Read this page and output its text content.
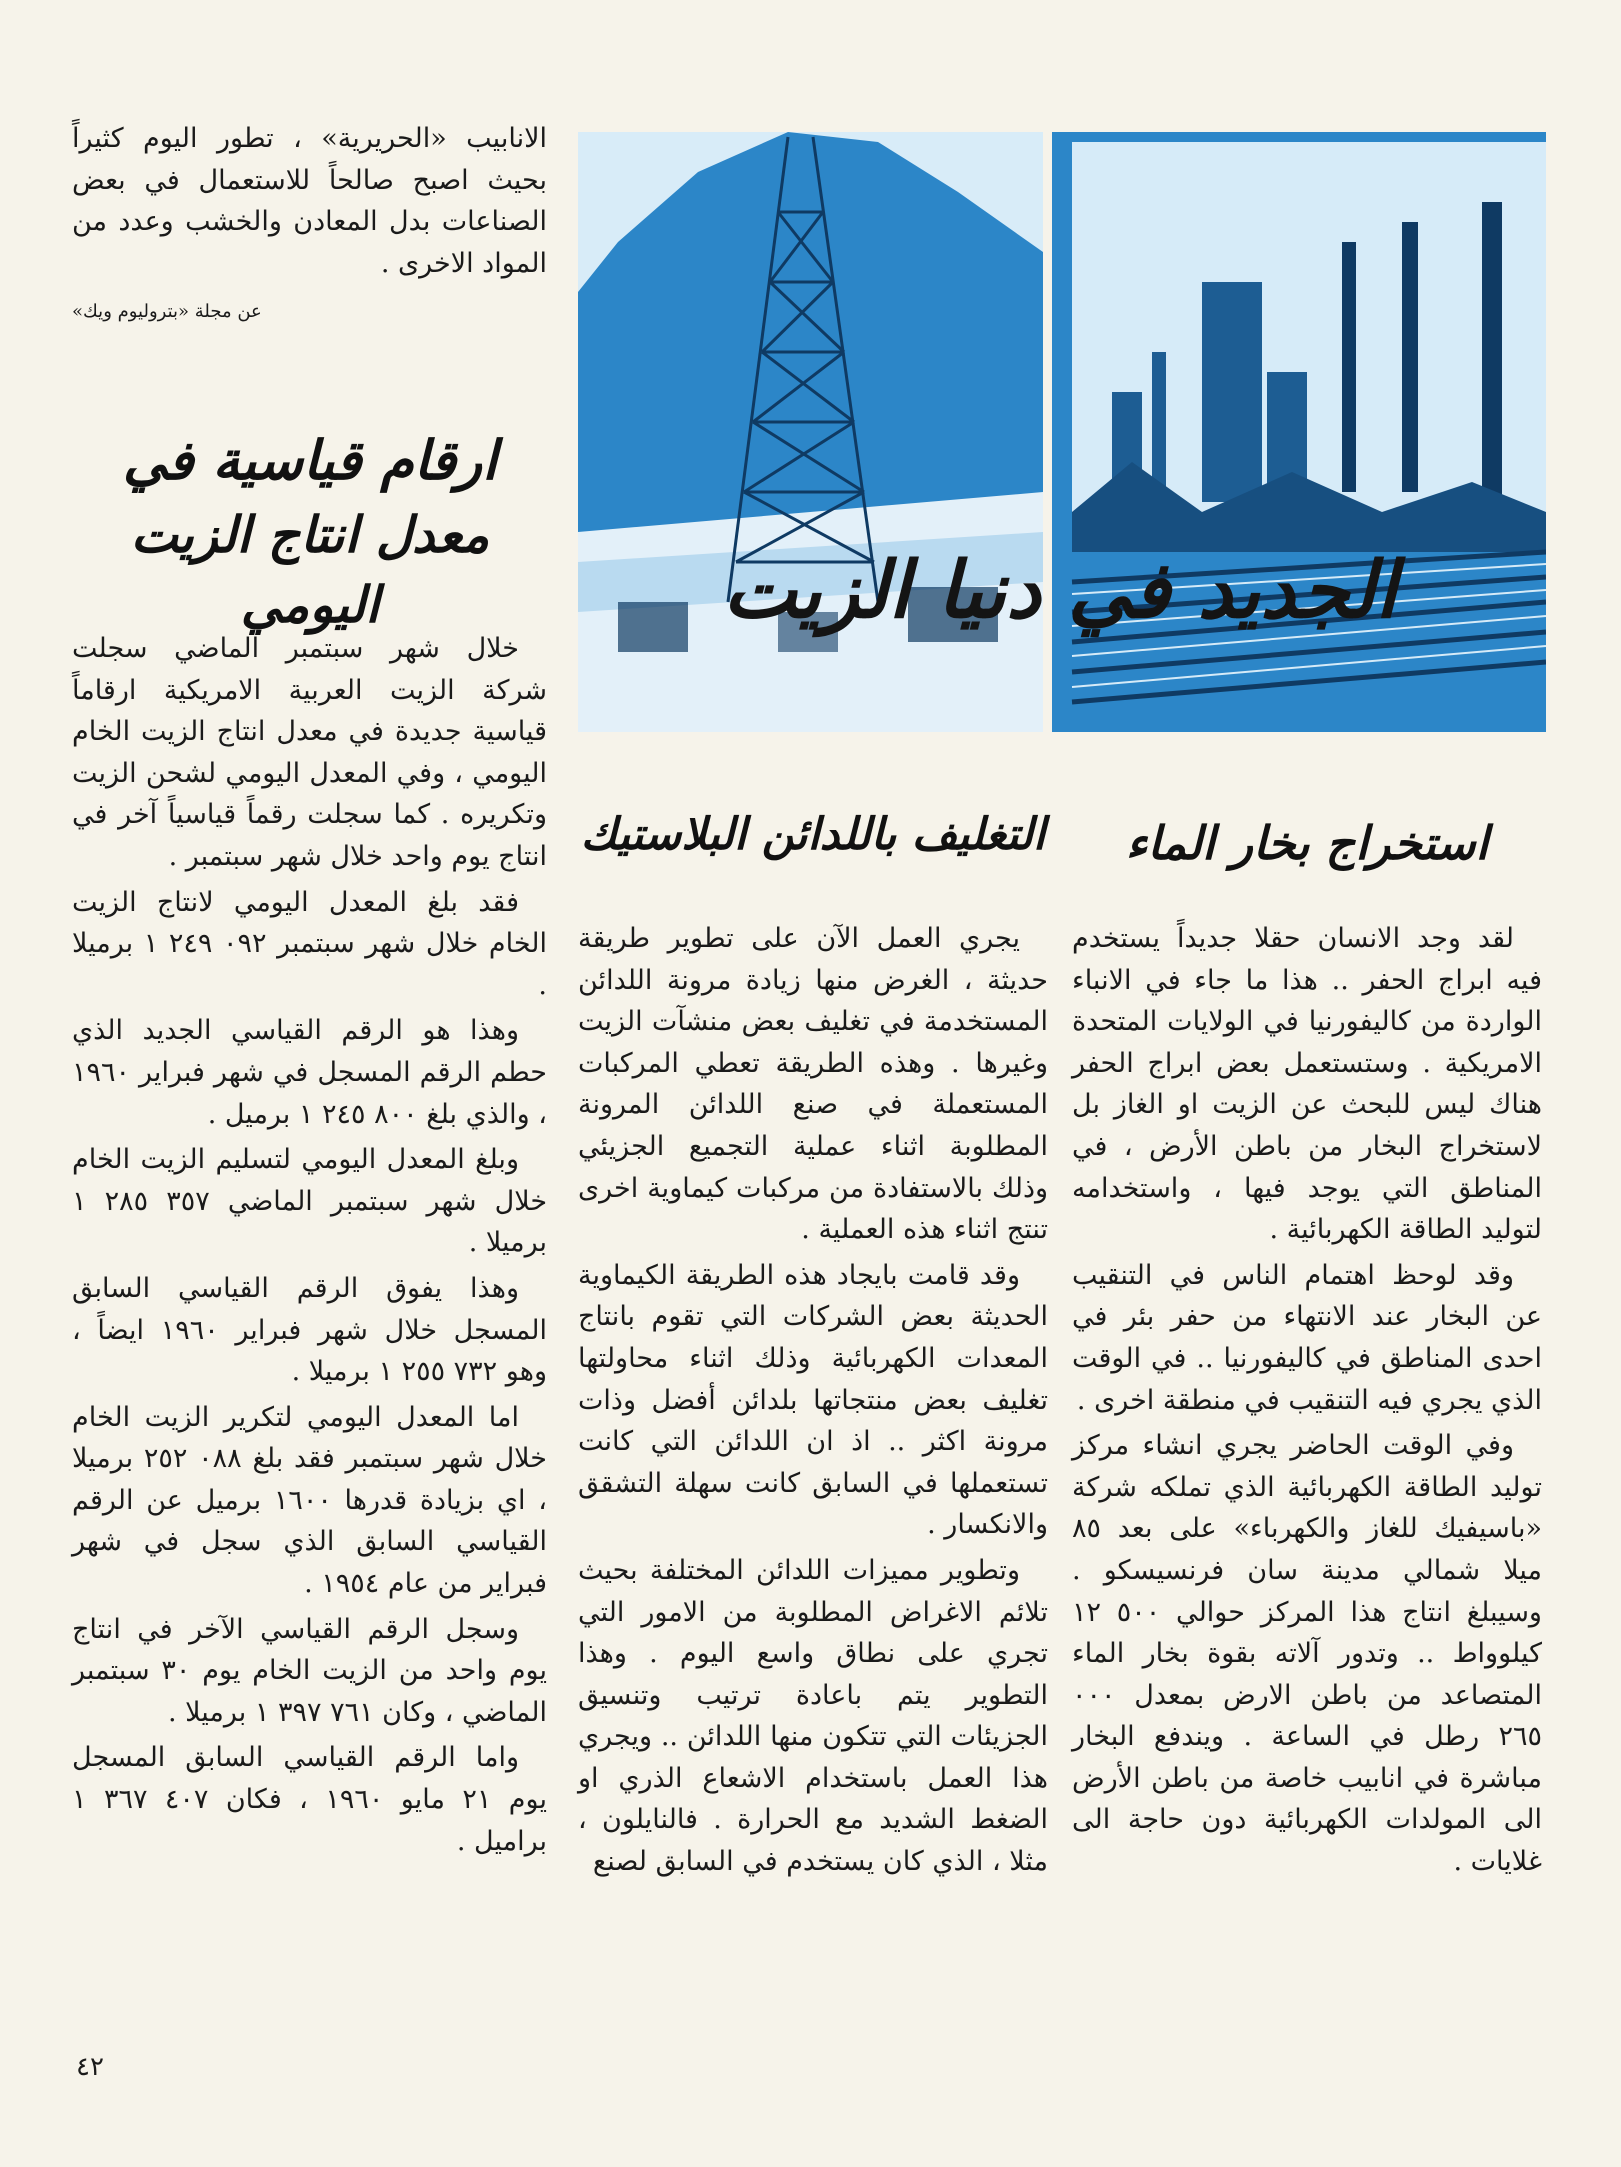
الجديد في دنيا الزيت

الانابيب «الحريرية» ، تطور اليوم كثيراً بحيث اصبح صالحاً للاستعمال في بعض الصناعات بدل المعادن والخشب وعدد من المواد الاخرى .

عن مجلة «بتروليوم ويك»

ارقام قياسية في
معدل انتاج الزيت اليومي

خلال شهر سبتمبر الماضي سجلت شركة الزيت العربية الامريكية ارقاماً قياسية جديدة في معدل انتاج الزيت الخام اليومي ، وفي المعدل اليومي لشحن الزيت وتكريره . كما سجلت رقماً قياسياً آخر في انتاج يوم واحد خلال شهر سبتمبر .

فقد بلغ المعدل اليومي لانتاج الزيت الخام خلال شهر سبتمبر ٠٩٢ ٢٤٩ ١ برميلا .

وهذا هو الرقم القياسي الجديد الذي حطم الرقم المسجل في شهر فبراير ١٩٦٠ ، والذي بلغ ٨٠٠ ٢٤٥ ١ برميل .

وبلغ المعدل اليومي لتسليم الزيت الخام خلال شهر سبتمبر الماضي ٣٥٧ ٢٨٥ ١ برميلا .

وهذا يفوق الرقم القياسي السابق المسجل خلال شهر فبراير ١٩٦٠ ايضاً ، وهو ٧٣٢ ٢٥٥ ١ برميلا .

اما المعدل اليومي لتكرير الزيت الخام خلال شهر سبتمبر فقد بلغ ٠٨٨ ٢٥٢ برميلا ، اي بزيادة قدرها ١٦٠٠ برميل عن الرقم القياسي السابق الذي سجل في شهر فبراير من عام ١٩٥٤ .

وسجل الرقم القياسي الآخر في انتاج يوم واحد من الزيت الخام يوم ٣٠ سبتمبر الماضي ، وكان ٧٦١ ٣٩٧ ١ برميلا .

واما الرقم القياسي السابق المسجل يوم ٢١ مايو ١٩٦٠ ، فكان ٤٠٧ ٣٦٧ ١ براميل .

التغليف باللدائن البلاستيك

يجري العمل الآن على تطوير طريقة حديثة ، الغرض منها زيادة مرونة اللدائن المستخدمة في تغليف بعض منشآت الزيت وغيرها . وهذه الطريقة تعطي المركبات المستعملة في صنع اللدائن المرونة المطلوبة اثناء عملية التجميع الجزيئي وذلك بالاستفادة من مركبات كيماوية اخرى تنتج اثناء هذه العملية .

وقد قامت بايجاد هذه الطريقة الكيماوية الحديثة بعض الشركات التي تقوم بانتاج المعدات الكهربائية وذلك اثناء محاولتها تغليف بعض منتجاتها بلدائن أفضل وذات مرونة اكثر .. اذ ان اللدائن التي كانت تستعملها في السابق كانت سهلة التشقق والانكسار .

وتطوير مميزات اللدائن المختلفة بحيث تلائم الاغراض المطلوبة من الامور التي تجري على نطاق واسع اليوم . وهذا التطوير يتم باعادة ترتيب وتنسيق الجزيئات التي تتكون منها اللدائن .. ويجري هذا العمل باستخدام الاشعاع الذري او الضغط الشديد مع الحرارة . فالنايلون ، مثلا ، الذي كان يستخدم في السابق لصنع

استخراج بخار الماء

لقد وجد الانسان حقلا جديداً يستخدم فيه ابراج الحفر .. هذا ما جاء في الانباء الواردة من كاليفورنيا في الولايات المتحدة الامريكية . وستستعمل بعض ابراج الحفر هناك ليس للبحث عن الزيت او الغاز بل لاستخراج البخار من باطن الأرض ، في المناطق التي يوجد فيها ، واستخدامه لتوليد الطاقة الكهربائية .

وقد لوحظ اهتمام الناس في التنقيب عن البخار عند الانتهاء من حفر بئر في احدى المناطق في كاليفورنيا .. في الوقت الذي يجري فيه التنقيب في منطقة اخرى .

وفي الوقت الحاضر يجري انشاء مركز توليد الطاقة الكهربائية الذي تملكه شركة «باسيفيك للغاز والكهرباء» على بعد ٨٥ ميلا شمالي مدينة سان فرنسيسكو . وسيبلغ انتاج هذا المركز حوالي ٥٠٠ ١٢ كيلوواط .. وتدور آلاته بقوة بخار الماء المتصاعد من باطن الارض بمعدل ٠٠٠ ٢٦٥ رطل في الساعة . ويندفع البخار مباشرة في انابيب خاصة من باطن الأرض الى المولدات الكهربائية دون حاجة الى غلايات .

٤٢
